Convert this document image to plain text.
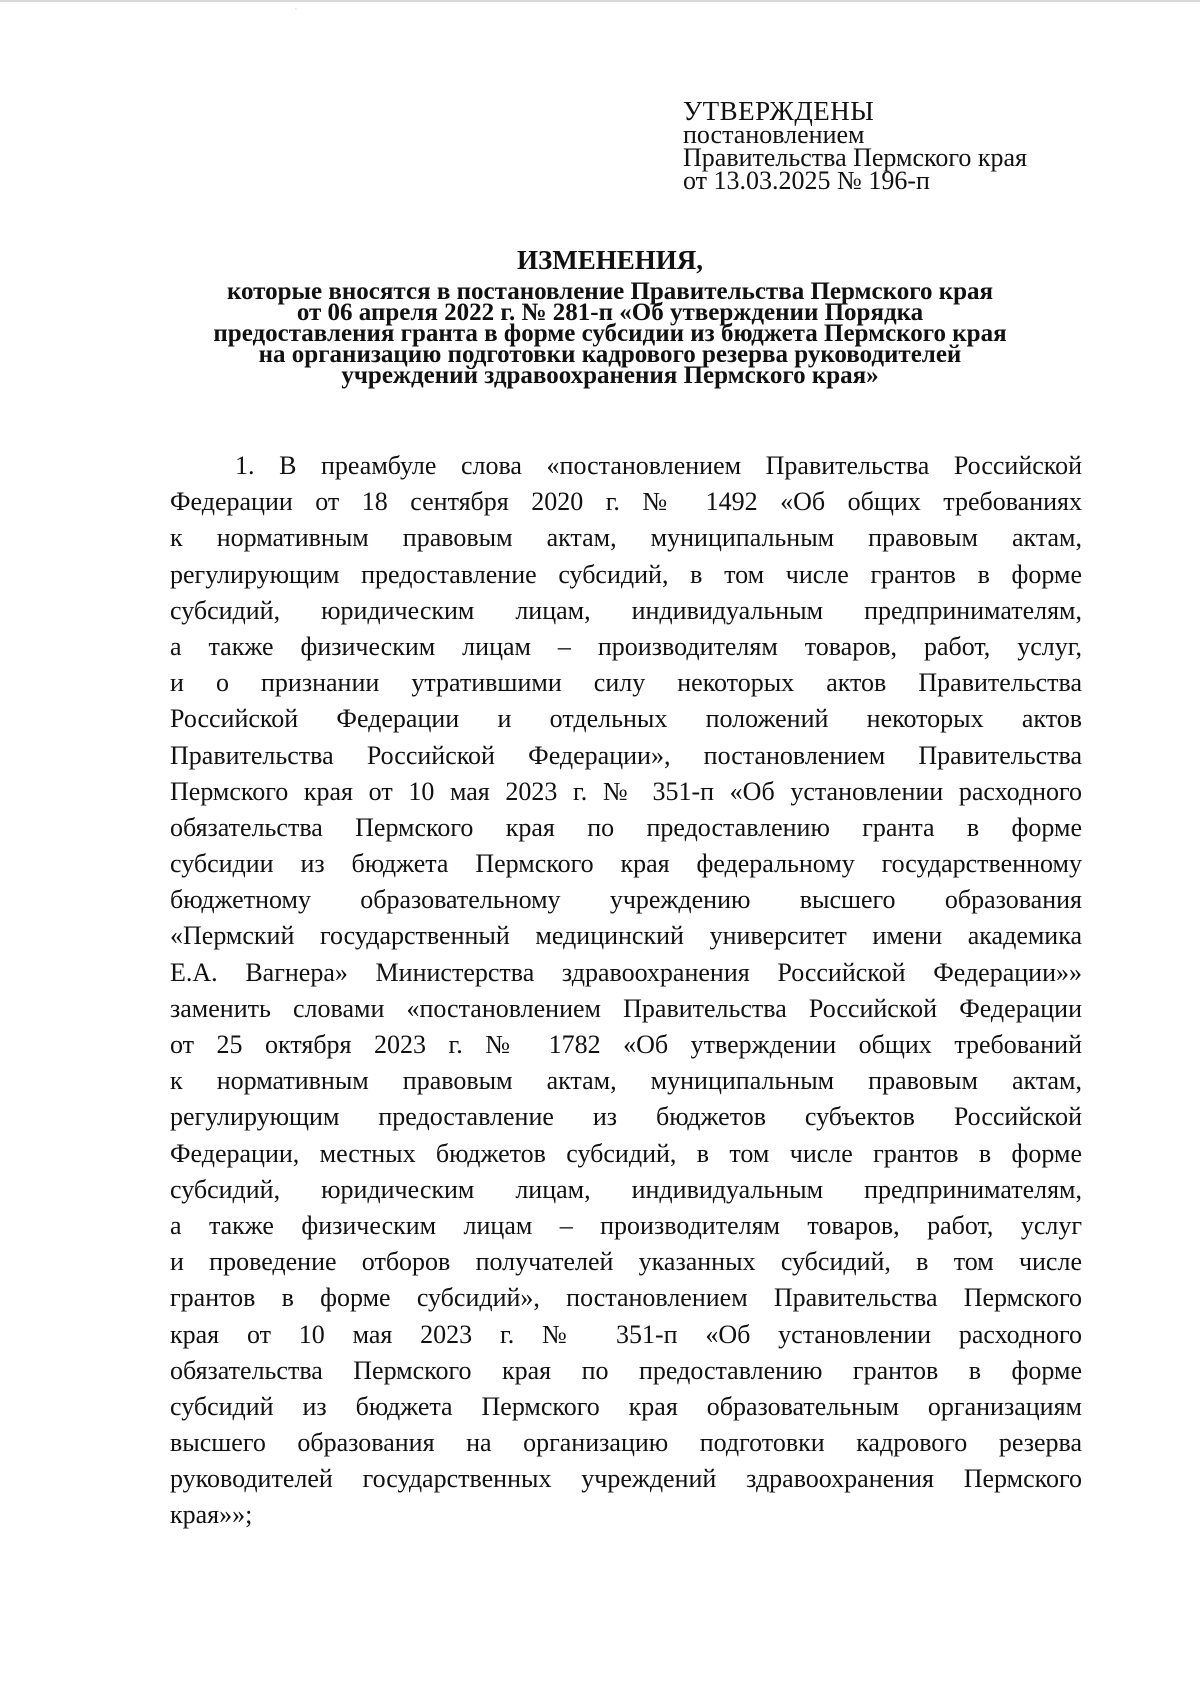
ᵕ
УТВЕРЖДЕНЫ
постановлением
Правительства Пермского края
от 13.03.2025 № 196-п
ИЗМЕНЕНИЯ,
которые вносятся в постановление Правительства Пермского края
от 06 апреля 2022 г. № 281-п «Об утверждении Порядка
предоставления гранта в форме субсидии из бюджета Пермского края
на организацию подготовки кадрового резерва руководителей
учреждений здравоохранения Пермского края»
1. В преамбуле слова «постановлением Правительства Российской
Федерации от 18 сентября 2020 г. № 1492 «Об общих требованиях
к нормативным правовым актам, муниципальным правовым актам,
регулирующим предоставление субсидий, в том числе грантов в форме
субсидий, юридическим лицам, индивидуальным предпринимателям,
а также физическим лицам – производителям товаров, работ, услуг,
и о признании утратившими силу некоторых актов Правительства
Российской Федерации и отдельных положений некоторых актов
Правительства Российской Федерации», постановлением Правительства
Пермского края от 10 мая 2023 г. № 351-п «Об установлении расходного
обязательства Пермского края по предоставлению гранта в форме
субсидии из бюджета Пермского края федеральному государственному
бюджетному образовательному учреждению высшего образования
«Пермский государственный медицинский университет имени академика
Е.А. Вагнера» Министерства здравоохранения Российской Федерации»»
заменить словами «постановлением Правительства Российской Федерации
от 25 октября 2023 г. № 1782 «Об утверждении общих требований
к нормативным правовым актам, муниципальным правовым актам,
регулирующим предоставление из бюджетов субъектов Российской
Федерации, местных бюджетов субсидий, в том числе грантов в форме
субсидий, юридическим лицам, индивидуальным предпринимателям,
а также физическим лицам – производителям товаров, работ, услуг
и проведение отборов получателей указанных субсидий, в том числе
грантов в форме субсидий», постановлением Правительства Пермского
края от 10 мая 2023 г. № 351-п «Об установлении расходного
обязательства Пермского края по предоставлению грантов в форме
субсидий из бюджета Пермского края образовательным организациям
высшего образования на организацию подготовки кадрового резерва
руководителей государственных учреждений здравоохранения Пермского
края»»;
